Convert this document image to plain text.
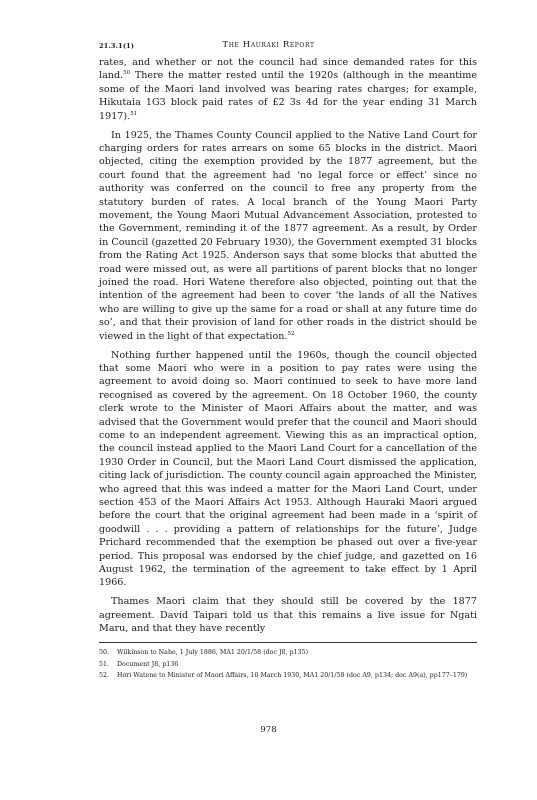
21.3.1(1)	The Hauraki Report

rates, and whether or not the council had since demanded rates for this land.$^{50}$ There the matter rested until the 1920s (although in the meantime some of the Maori land involved was bearing rates charges; for example, Hikutaia 1G3 block paid rates of £2 3s 4d for the year ending 31 March 1917).$^{51}$

In 1925, the Thames County Council applied to the Native Land Court for charging orders for rates arrears on some 65 blocks in the district. Maori objected, citing the exemption provided by the 1877 agreement, but the court found that the agreement had ‘no legal force or effect’ since no authority was conferred on the council to free any property from the statutory burden of rates. A local branch of the Young Maori Party movement, the Young Maori Mutual Advancement Association, protested to the Government, reminding it of the 1877 agreement. As a result, by Order in Council (gazetted 20 February 1930), the Government exempted 31 blocks from the Rating Act 1925. Anderson says that some blocks that abutted the road were missed out, as were all partitions of parent blocks that no longer joined the road. Hori Watene therefore also objected, pointing out that the intention of the agreement had been to cover ‘the lands of all the Natives who are willing to give up the same for a road or shall at any future time do so’, and that their provision of land for other roads in the district should be viewed in the light of that expectation.$^{52}$

Nothing further happened until the 1960s, though the council objected that some Maori who were in a position to pay rates were using the agreement to avoid doing so. Maori continued to seek to have more land recognised as covered by the agreement. On 18 October 1960, the county clerk wrote to the Minister of Maori Affairs about the matter, and was advised that the Government would prefer that the council and Maori should come to an independent agreement. Viewing this as an impractical option, the council instead applied to the Maori Land Court for a cancellation of the 1930 Order in Council, but the Maori Land Court dismissed the application, citing lack of jurisdiction. The county council again approached the Minister, who agreed that this was indeed a matter for the Maori Land Court, under section 453 of the Maori Affairs Act 1953. Although Hauraki Maori argued before the court that the original agreement had been made in a ‘spirit of goodwill . . . providing a pattern of relationships for the future’, Judge Prichard recommended that the exemption be phased out over a five-year period. This proposal was endorsed by the chief judge, and gazetted on 16 August 1962, the termination of the agreement to take effect by 1 April 1966.

Thames Maori claim that they should still be covered by the 1877 agreement. David Taipari told us that this remains a live issue for Ngati Maru, and that they have recently

50. Wilkinson to Nahe, 1 July 1886, MA1 20/1/58 (doc J8, p135)
51. Document J8, p136
52. Hori Watene to Minister of Maori Affairs, 10 March 1930, MA1 20/1/58 (doc A9, p134; doc A9(a), pp177–179)
978
